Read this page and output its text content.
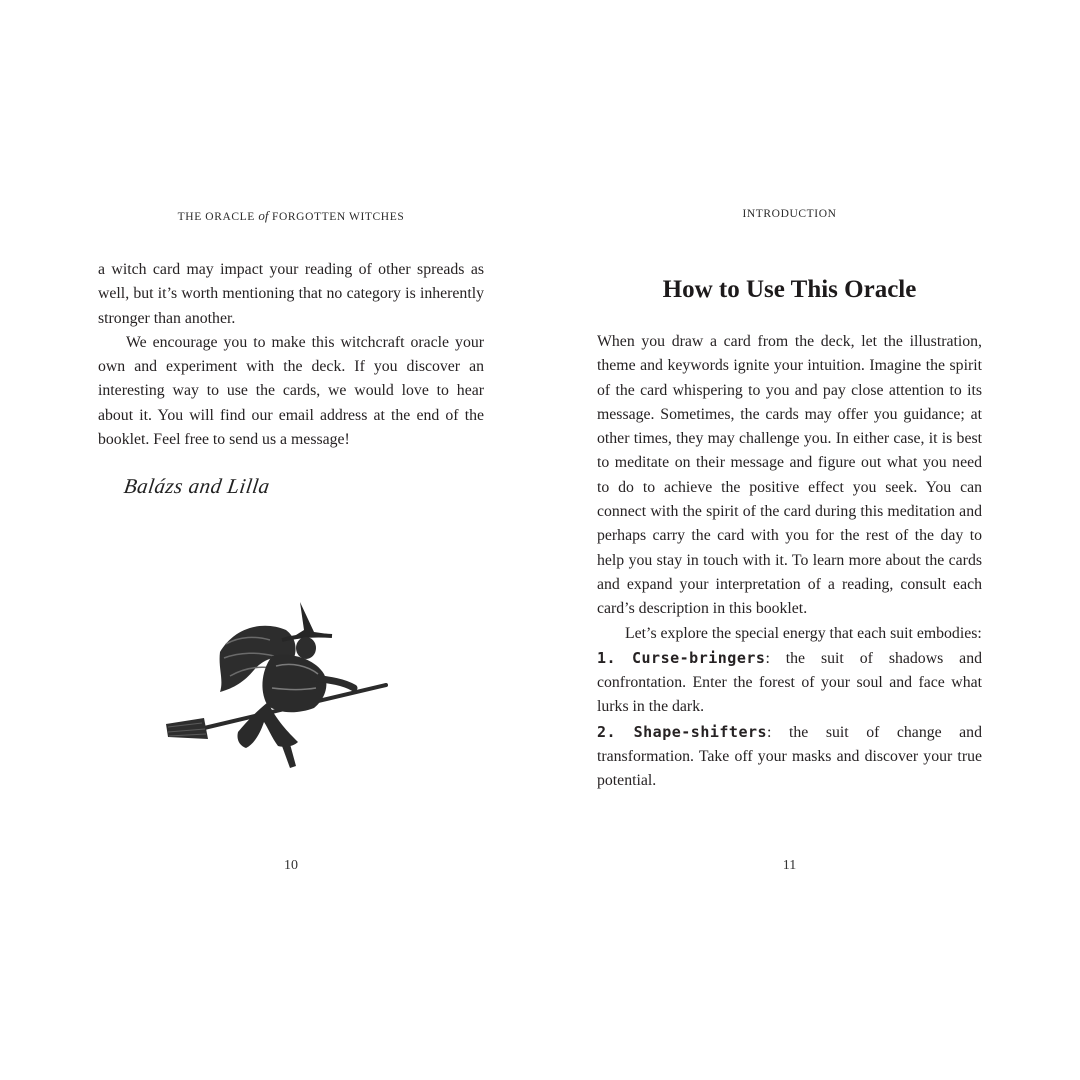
THE ORACLE of FORGOTTEN WITCHES

a witch card may impact your reading of other spreads as well, but it’s worth mentioning that no category is inherently stronger than another.

We encourage you to make this witchcraft oracle your own and experiment with the deck. If you discover an interesting way to use the cards, we would love to hear about it. You will find our email address at the end of the booklet. Feel free to send us a message!

Balázs and Lilla
10
INTRODUCTION
How to Use This Oracle

When you draw a card from the deck, let the illustration, theme and keywords ignite your intuition. Imagine the spirit of the card whispering to you and pay close attention to its message. Sometimes, the cards may offer you guidance; at other times, they may challenge you. In either case, it is best to meditate on their message and figure out what you need to do to achieve the positive effect you seek. You can connect with the spirit of the card during this meditation and perhaps carry the card with you for the rest of the day to help you stay in touch with it. To learn more about the cards and expand your interpretation of a reading, consult each card’s description in this booklet.

Let’s explore the special energy that each suit embodies:

1. Curse-bringers: the suit of shadows and confrontation. Enter the forest of your soul and face what lurks in the dark.

2. Shape-shifters: the suit of change and transformation. Take off your masks and discover your true potential.

11
